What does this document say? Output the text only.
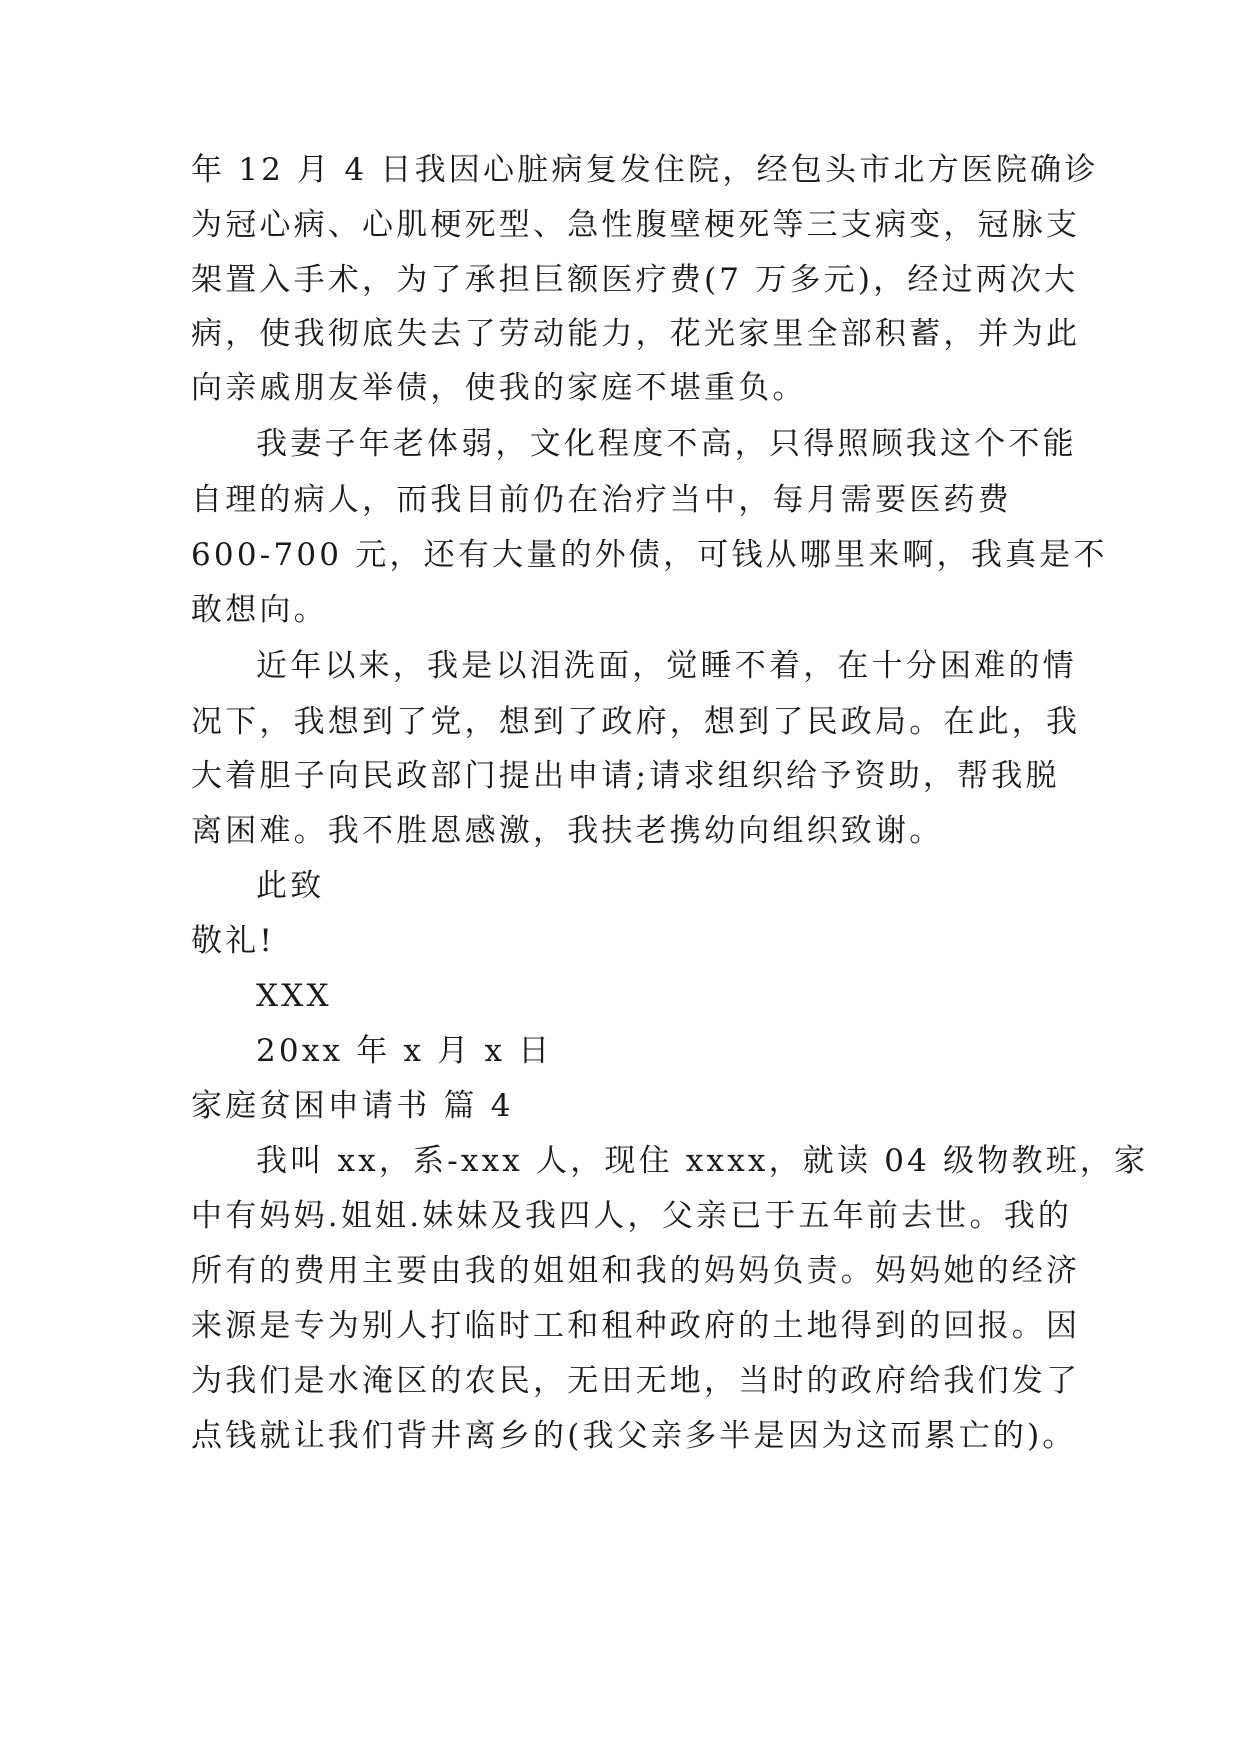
年 12 月 4 日我因心脏病复发住院，经包头市北方医院确诊
为冠心病、心肌梗死型、急性腹壁梗死等三支病变，冠脉支
架置入手术，为了承担巨额医疗费(7 万多元)，经过两次大
病，使我彻底失去了劳动能力，花光家里全部积蓄，并为此
向亲戚朋友举债，使我的家庭不堪重负。
我妻子年老体弱，文化程度不高，只得照顾我这个不能
自理的病人，而我目前仍在治疗当中，每月需要医药费
600-700 元，还有大量的外债，可钱从哪里来啊，我真是不
敢想向。
近年以来，我是以泪洗面，觉睡不着，在十分困难的情
况下，我想到了党，想到了政府，想到了民政局。在此，我
大着胆子向民政部门提出申请;请求组织给予资助，帮我脱
离困难。我不胜恩感激，我扶老携幼向组织致谢。
此致
敬礼!
XXX
20xx 年 x 月 x 日
家庭贫困申请书 篇 4
我叫 xx，系-xxx 人，现住 xxxx，就读 04 级物教班，家
中有妈妈.姐姐.妹妹及我四人，父亲已于五年前去世。我的
所有的费用主要由我的姐姐和我的妈妈负责。妈妈她的经济
来源是专为别人打临时工和租种政府的土地得到的回报。因
为我们是水淹区的农民，无田无地，当时的政府给我们发了
点钱就让我们背井离乡的(我父亲多半是因为这而累亡的)。
